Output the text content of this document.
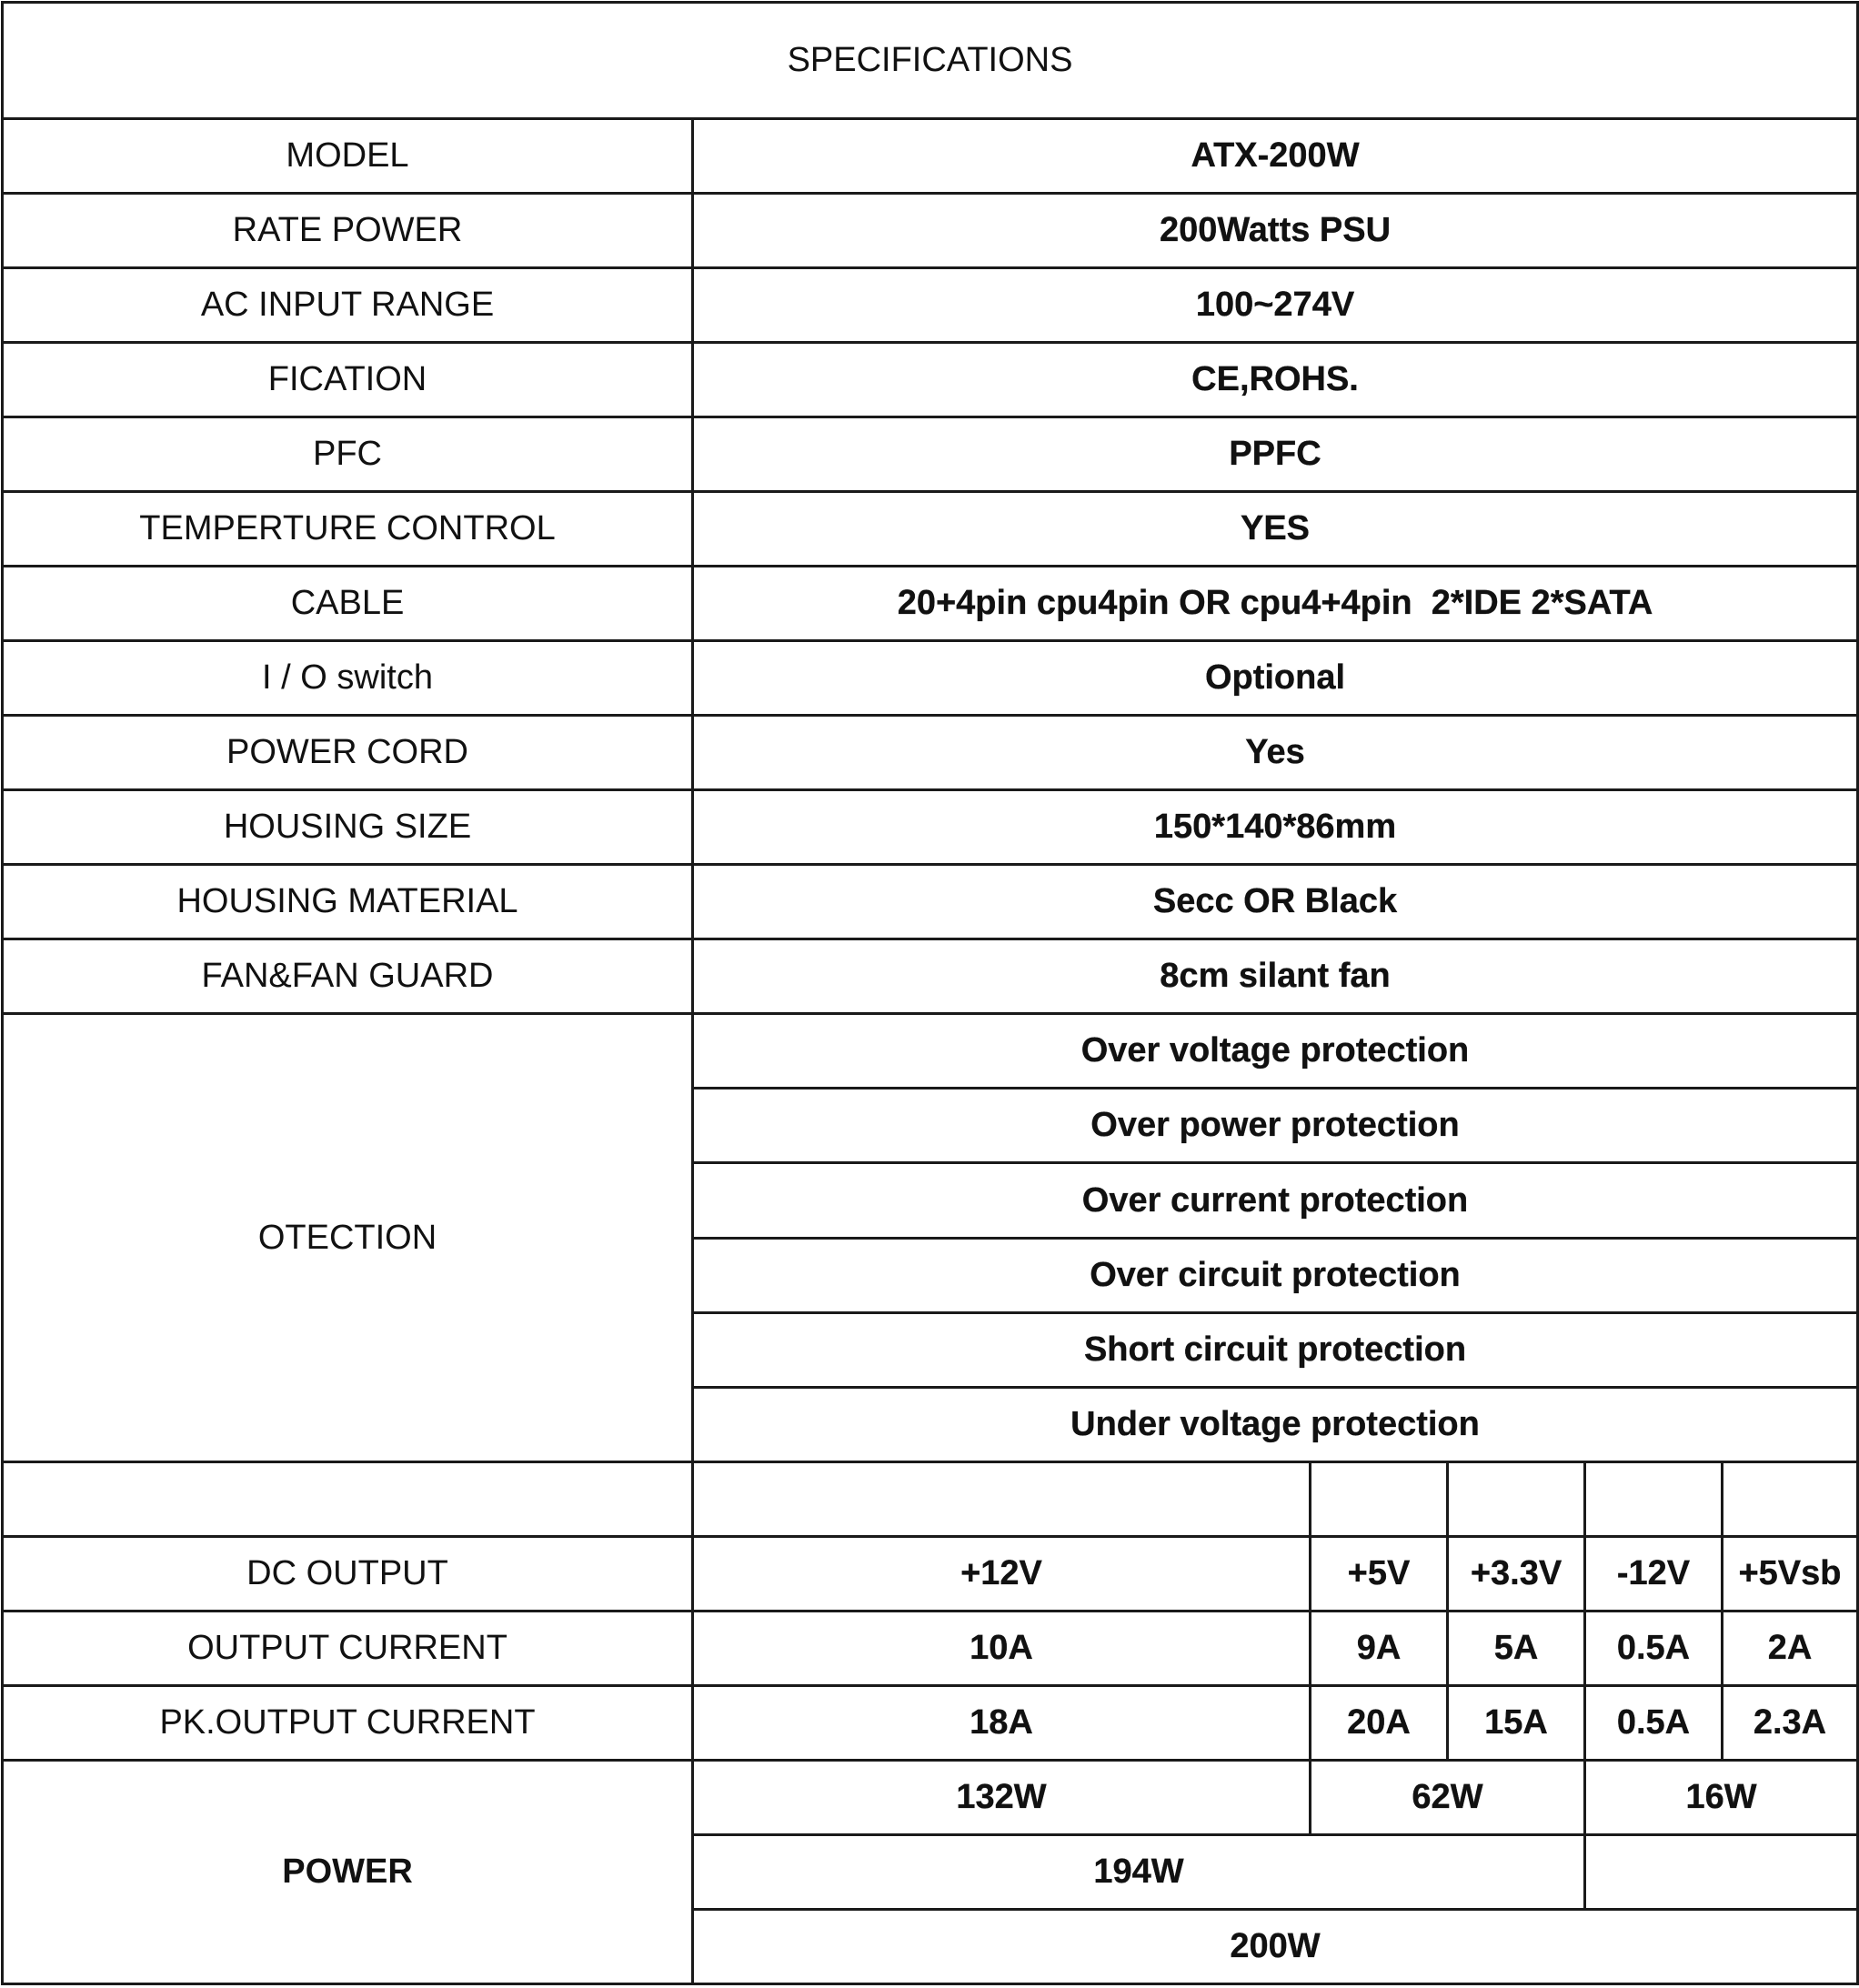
SPECIFICATIONS					
MODEL	ATX-200W				
RATE POWER	200Watts PSU				
AC INPUT RANGE	100~274V				
FICATION	CE,ROHS.				
PFC	PPFC				
TEMPERTURE CONTROL	YES				
CABLE	20+4pin cpu4pin OR cpu4+4pin  2*IDE 2*SATA				
I / O switch	Optional				
POWER CORD	Yes				
HOUSING SIZE	150*140*86mm				
HOUSING MATERIAL	Secc OR Black				
FAN&FAN GUARD	8cm silant fan				
OTECTION	Over voltage protection				
	Over power protection				
	Over current protection				
	Over circuit protection				
	Short circuit protection				
	Under voltage protection				

DC OUTPUT	+12V	+5V	+3.3V	-12V	+5Vsb
OUTPUT CURRENT	10A	9A	5A	0.5A	2A
PK.OUTPUT CURRENT	18A	20A	15A	0.5A	2.3A
POWER	132W	62W		16W	
	194W				
	200W				
